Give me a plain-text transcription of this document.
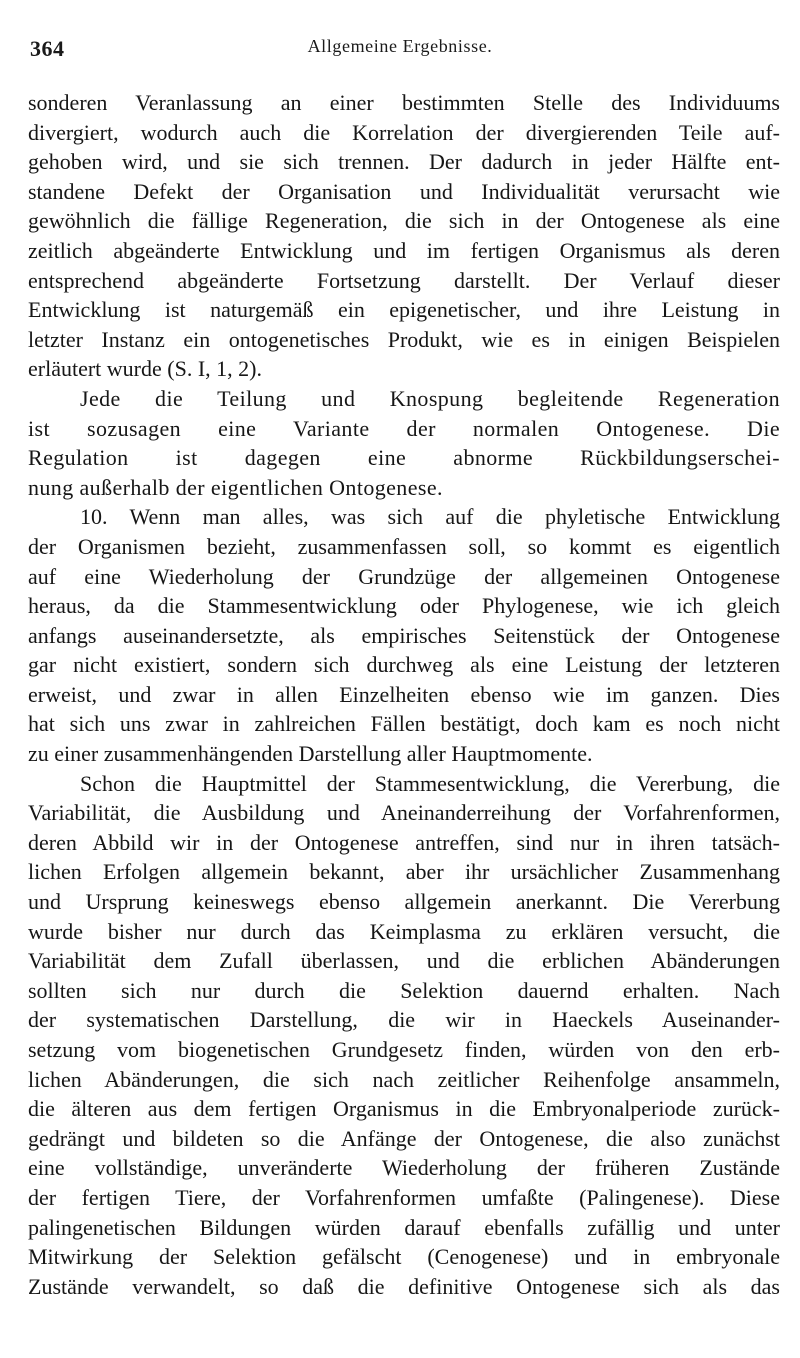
364	Allgemeine Ergebnisse.
sonderen Veranlassung an einer bestimmten Stelle des Individuums
divergiert, wodurch auch die Korrelation der divergierenden Teile auf-
gehoben wird, und sie sich trennen. Der dadurch in jeder Hälfte ent-
standene Defekt der Organisation und Individualität verursacht wie
gewöhnlich die fällige Regeneration, die sich in der Ontogenese als eine
zeitlich abgeänderte Entwicklung und im fertigen Organismus als deren
entsprechend abgeänderte Fortsetzung darstellt. Der Verlauf dieser
Entwicklung ist naturgemäß ein epigenetischer, und ihre Leistung in
letzter Instanz ein ontogenetisches Produkt, wie es in einigen Beispielen
erläutert wurde (S. I, 1, 2).
Jede die Teilung und Knospung begleitende Regeneration
ist sozusagen eine Variante der normalen Ontogenese. Die
Regulation ist dagegen eine abnorme Rückbildungserschei-
nung außerhalb der eigentlichen Ontogenese.
10. Wenn man alles, was sich auf die phyletische Entwicklung
der Organismen bezieht, zusammenfassen soll, so kommt es eigentlich
auf eine Wiederholung der Grundzüge der allgemeinen Ontogenese
heraus, da die Stammesentwicklung oder Phylogenese, wie ich gleich
anfangs auseinandersetzte, als empirisches Seitenstück der Ontogenese
gar nicht existiert, sondern sich durchweg als eine Leistung der letzteren
erweist, und zwar in allen Einzelheiten ebenso wie im ganzen. Dies
hat sich uns zwar in zahlreichen Fällen bestätigt, doch kam es noch nicht
zu einer zusammenhängenden Darstellung aller Hauptmomente.
Schon die Hauptmittel der Stammesentwicklung, die Vererbung, die
Variabilität, die Ausbildung und Aneinanderreihung der Vorfahrenformen,
deren Abbild wir in der Ontogenese antreffen, sind nur in ihren tatsäch-
lichen Erfolgen allgemein bekannt, aber ihr ursächlicher Zusammenhang
und Ursprung keineswegs ebenso allgemein anerkannt. Die Vererbung
wurde bisher nur durch das Keimplasma zu erklären versucht, die
Variabilität dem Zufall überlassen, und die erblichen Abänderungen
sollten sich nur durch die Selektion dauernd erhalten. Nach
der systematischen Darstellung, die wir in Haeckels Auseinander-
setzung vom biogenetischen Grundgesetz finden, würden von den erb-
lichen Abänderungen, die sich nach zeitlicher Reihenfolge ansammeln,
die älteren aus dem fertigen Organismus in die Embryonalperiode zurück-
gedrängt und bildeten so die Anfänge der Ontogenese, die also zunächst
eine vollständige, unveränderte Wiederholung der früheren Zustände
der fertigen Tiere, der Vorfahrenformen umfaßte (Palingenese). Diese
palingenetischen Bildungen würden darauf ebenfalls zufällig und unter
Mitwirkung der Selektion gefälscht (Cenogenese) und in embryonale
Zustände verwandelt, so daß die definitive Ontogenese sich als das
